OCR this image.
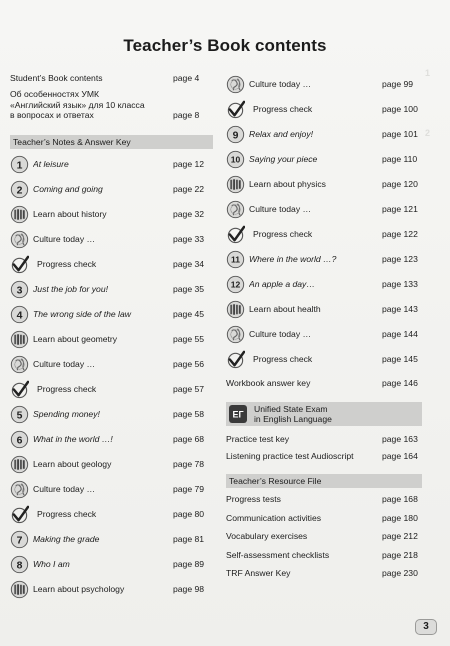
1
2
Teacher’s Book contents
Student’s Book contents	page 4
Об особенностях УМК
«Английский язык» для 10 класса
в вопросах и ответах	page 8
Teacher’s Notes & Answer Key
1 At leisure	page 12
2 Coming and going	page 22
Learn about history	page 32
Culture today …	page 33
Progress check	page 34
3 Just the job for you!	page 35
4 The wrong side of the law	page 45
Learn about geometry	page 55
Culture today …	page 56
Progress check	page 57
5 Spending money!	page 58
6 What in the world …!	page 68
Learn about geology	page 78
Culture today …	page 79
Progress check	page 80
7 Making the grade	page 81
8 Who I am	page 89
Learn about psychology	page 98
Culture today …	page 99
Progress check	page 100
9 Relax and enjoy!	page 101
10 Saying your piece	page 110
Learn about physics	page 120
Culture today …	page 121
Progress check	page 122
11 Where in the world …?	page 123
12 An apple a day…	page 133
Learn about health	page 143
Culture today …	page 144
Progress check	page 145
Workbook answer key	page 146
EГ
Unified State Exam
in English Language
Practice test key	page 163
Listening practice test Audioscript	page 164
Teacher’s Resource File
Progress tests	page 168
Communication activities	page 180
Vocabulary exercises	page 212
Self-assessment checklists	page 218
TRF Answer Key	page 230
3
